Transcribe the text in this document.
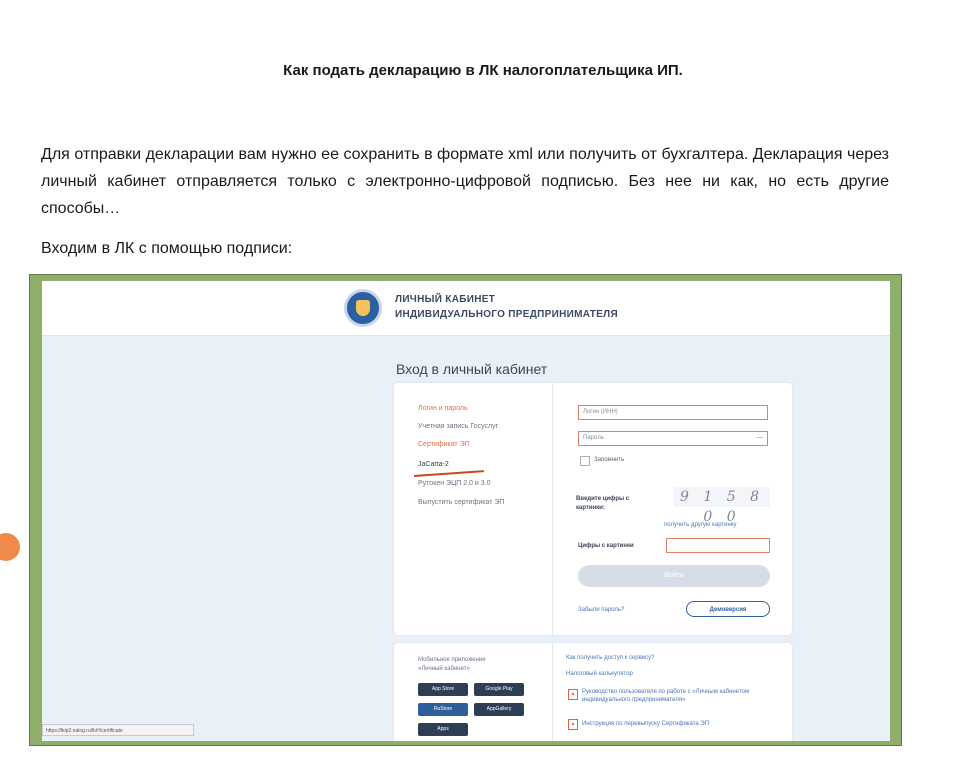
Как подать декларацию в ЛК налогоплательщика ИП.
Для отправки декларации вам нужно ее сохранить в формате xml или получить от бухгалтера. Декларация через личный кабинет отправляется только с электронно-цифровой подписью. Без нее ни как, но есть другие способы…
Входим в ЛК с помощью подписи:
ЛИЧНЫЙ КАБИНЕТ
ИНДИВИДУАЛЬНОГО ПРЕДПРИНИМАТЕЛЯ
Вход в личный кабинет
Логин и пароль
Учетная запись Госуслуг
Сертификат ЭП
JaCarta-2
Рутокен ЭЦП 2.0 и 3.0
Выпустить сертификат ЭП
Логин (ИНН)
Пароль	—
Запомнить
Введите цифры с картинки:
9 1 5 8 0 0
получить другую картинку
Цифры с картинки
Войти
Забыли пароль?	Демоверсия
Мобильное приложение «Личный кабинет»
App Store	Google Play
RuStore	AppGallery
Apps
Как получить доступ к сервису?
Налоговый калькулятор
▲	Руководство пользователя по работе с «Личным кабинетом индивидуального предпринимателя»
▲	Инструкция по перевыпуску Сертификата ЭП
https://lkip2.nalog.ru/lk#!/certificate
